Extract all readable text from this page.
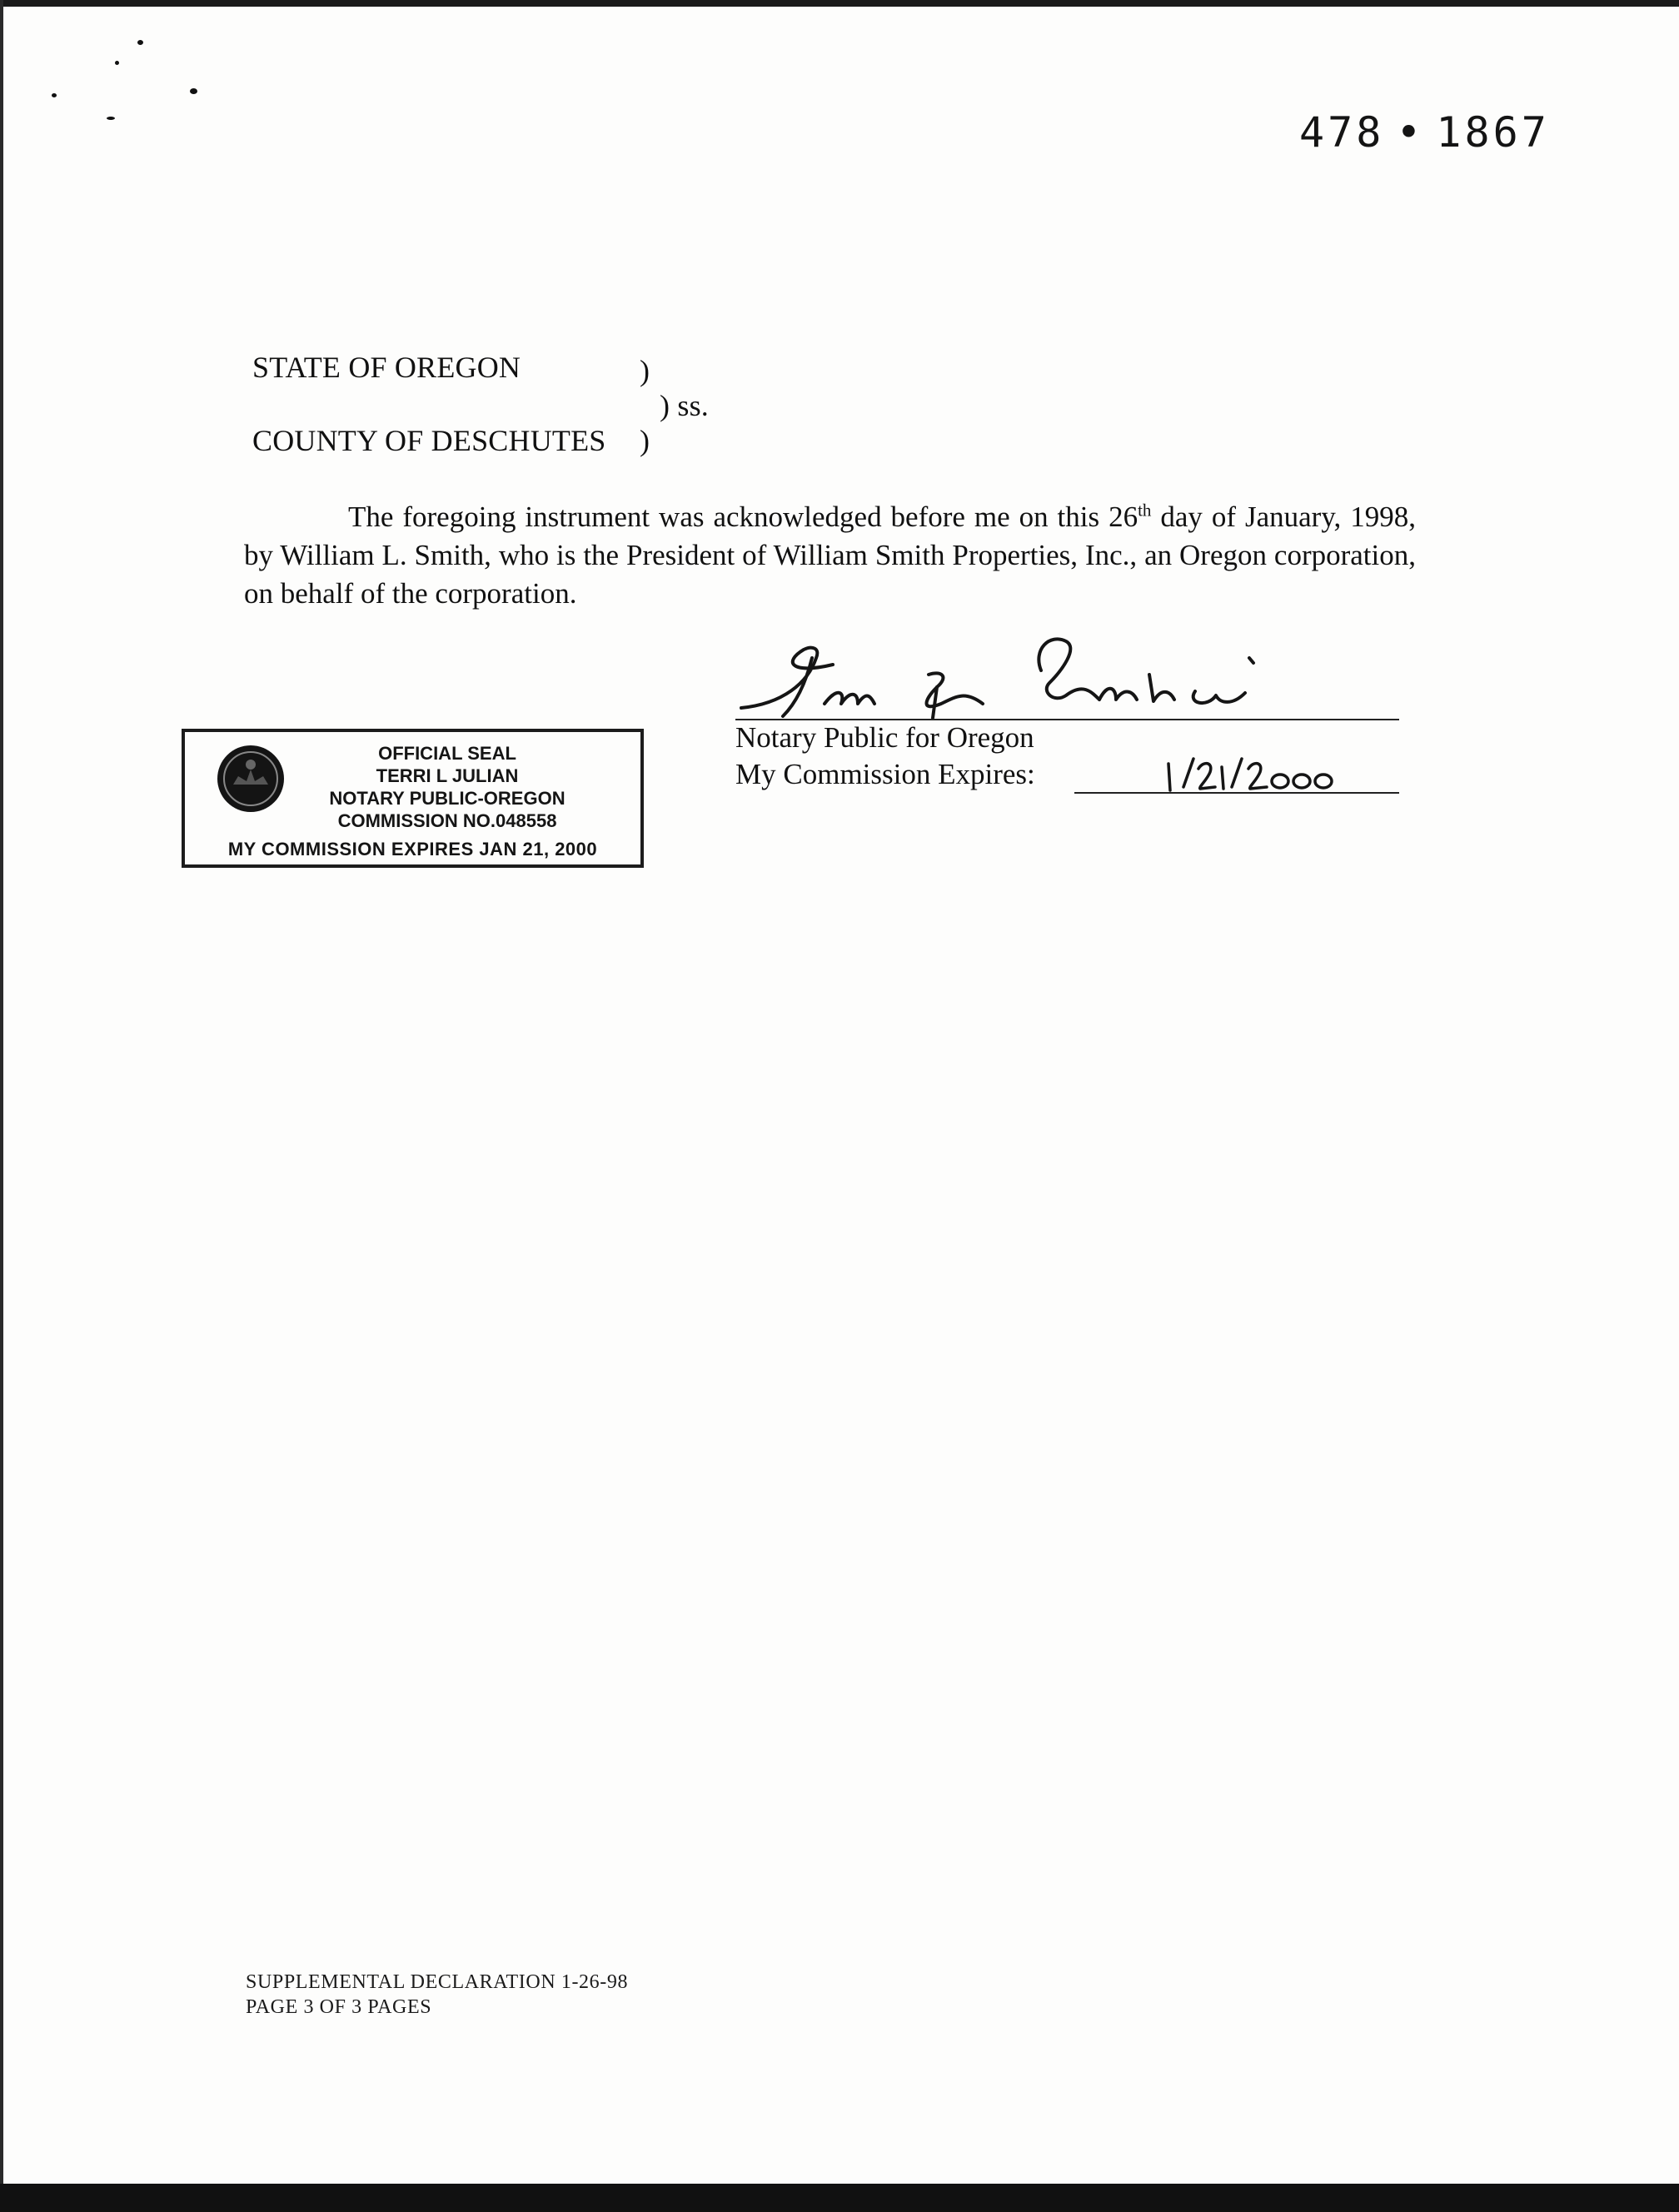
478 • 1867
STATE OF OREGON	)
) ss.
COUNTY OF DESCHUTES )
The foregoing instrument was acknowledged before me on this 26th day of January, 1998, by William L. Smith, who is the President of William Smith Properties, Inc., an Oregon corporation, on behalf of the corporation.
Notary Public for Oregon
My Commission Expires:
OFFICIAL SEAL
TERRI L JULIAN
NOTARY PUBLIC-OREGON
COMMISSION NO.048558
MY COMMISSION EXPIRES JAN 21, 2000
SUPPLEMENTAL DECLARATION 1-26-98
PAGE 3 OF 3 PAGES
